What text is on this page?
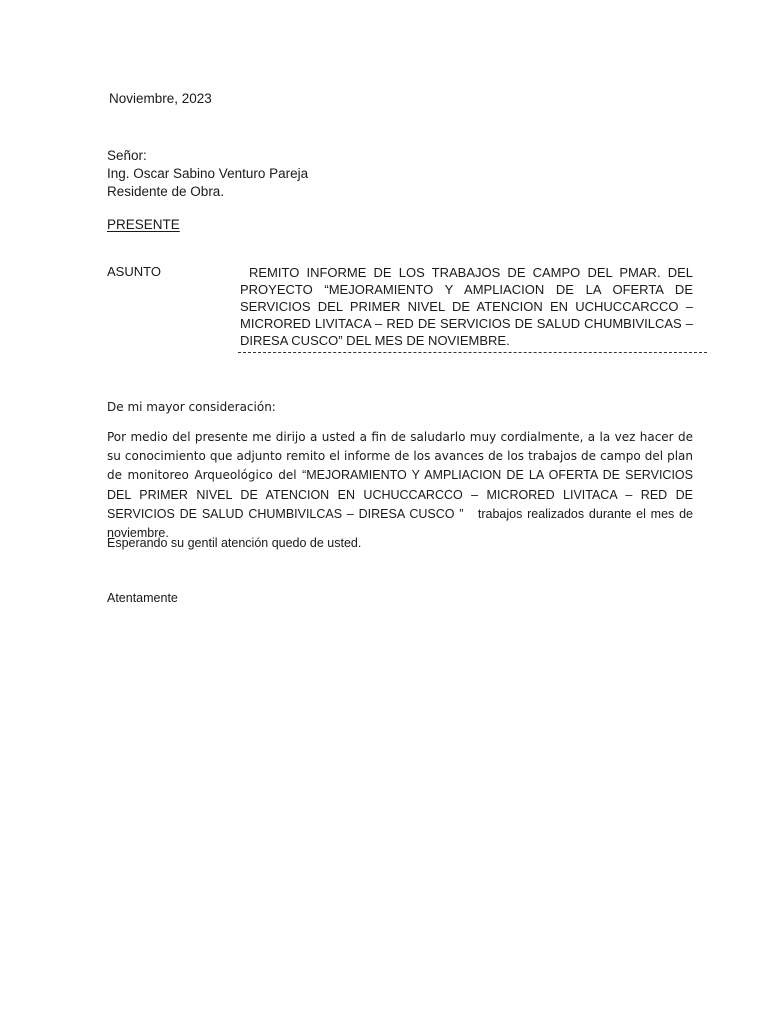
Noviembre, 2023
Señor:
Ing. Oscar Sabino Venturo Pareja
Residente de Obra.
PRESENTE
ASUNTO	REMITO INFORME DE LOS TRABAJOS DE CAMPO DEL PMAR. DEL PROYECTO “MEJORAMIENTO Y AMPLIACION DE LA OFERTA DE SERVICIOS DEL PRIMER NIVEL DE ATENCION EN UCHUCCARCCO – MICRORED LIVITACA – RED DE SERVICIOS DE SALUD CHUMBIVILCAS – DIRESA CUSCO” DEL MES DE NOVIEMBRE.

De mi mayor consideración:

Por medio del presente me dirijo a usted a fin de saludarlo muy cordialmente, a la vez hacer de su conocimiento que adjunto remito el informe de los avances de los trabajos de campo del plan de monitoreo Arqueológico del “MEJORAMIENTO Y AMPLIACION DE LA OFERTA DE SERVICIOS DEL PRIMER NIVEL DE ATENCION EN UCHUCCARCCO – MICRORED LIVITACA – RED DE SERVICIOS DE SALUD CHUMBIVILCAS – DIRESA CUSCO ”   trabajos realizados durante el mes de noviembre.

Esperando su gentil atención quedo de usted.
Atentamente
